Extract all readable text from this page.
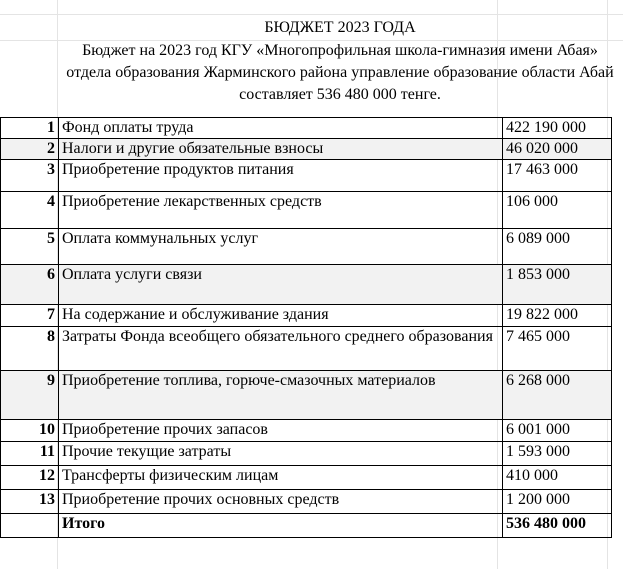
БЮДЖЕТ 2023 ГОДА
Бюджет на 2023 год КГУ «Многопрофильная школа-гимназия имени Абая» отдела образования Жарминского района управление образование области Абай составляет 536 480 000 тенге.
1	Фонд оплаты труда	422 190 000
2	Налоги и другие обязательные взносы	46 020 000
3	Приобретение продуктов питания	17 463 000
4	Приобретение лекарственных средств	106 000
5	Оплата коммунальных услуг	6 089 000
6	Оплата услуги связи	1 853 000
7	На содержание и обслуживание здания	19 822 000
8	Затраты Фонда всеобщего обязательного среднего образования	7 465 000
9	Приобретение топлива, горюче-смазочных материалов	6 268 000
10	Приобретение прочих запасов	6 001 000
11	Прочие текущие затраты	1 593 000
12	Трансферты физическим лицам	410 000
13	Приобретение прочих основных средств	1 200 000
	Итого	536 480 000
